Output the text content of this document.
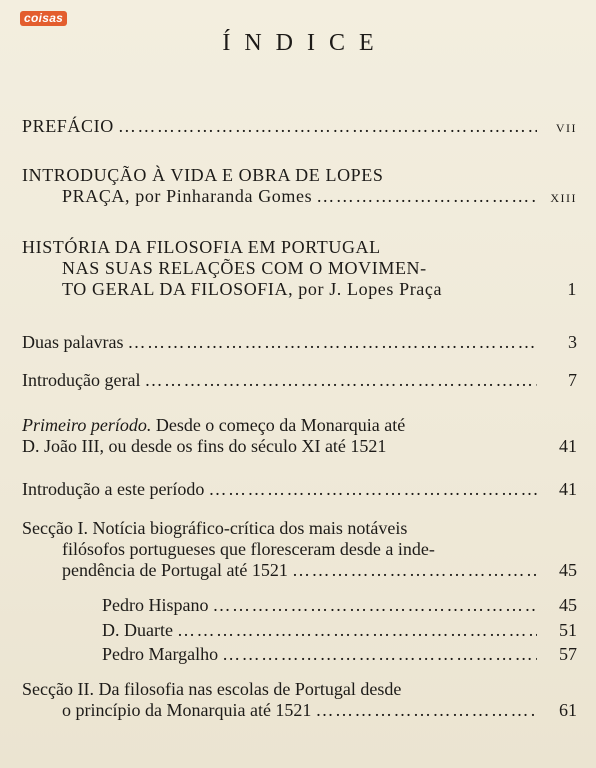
coisas
ÍNDICE
PREFÁCIO …………………………………………………………………………………………………………	VII
INTRODUÇÃO À VIDA E OBRA DE LOPES
PRAÇA, por Pinharanda Gomes …………………………………………………………………………………………………………	XIII
HISTÓRIA DA FILOSOFIA EM PORTUGAL
NAS SUAS RELAÇÕES COM O MOVIMEN-
TO GERAL DA FILOSOFIA, por J. Lopes Praça	1
Duas palavras …………………………………………………………………………………………………………	3
Introdução geral …………………………………………………………………………………………………………	7
Primeiro período. Desde o começo da Monarquia até
D. João III, ou desde os fins do século XI até 1521	41
Introdução a este período …………………………………………………………………………………………………………	41
Secção I. Notícia biográfico-crítica dos mais notáveis
filósofos portugueses que floresceram desde a inde-
pendência de Portugal até 1521 …………………………………………………………………………………………………………	45
Pedro Hispano …………………………………………………………………………………………………………	45
D. Duarte …………………………………………………………………………………………………………	51
Pedro Margalho …………………………………………………………………………………………………………	57
Secção II. Da filosofia nas escolas de Portugal desde
o princípio da Monarquia até 1521 …………………………………………………………………………………………………………	61
